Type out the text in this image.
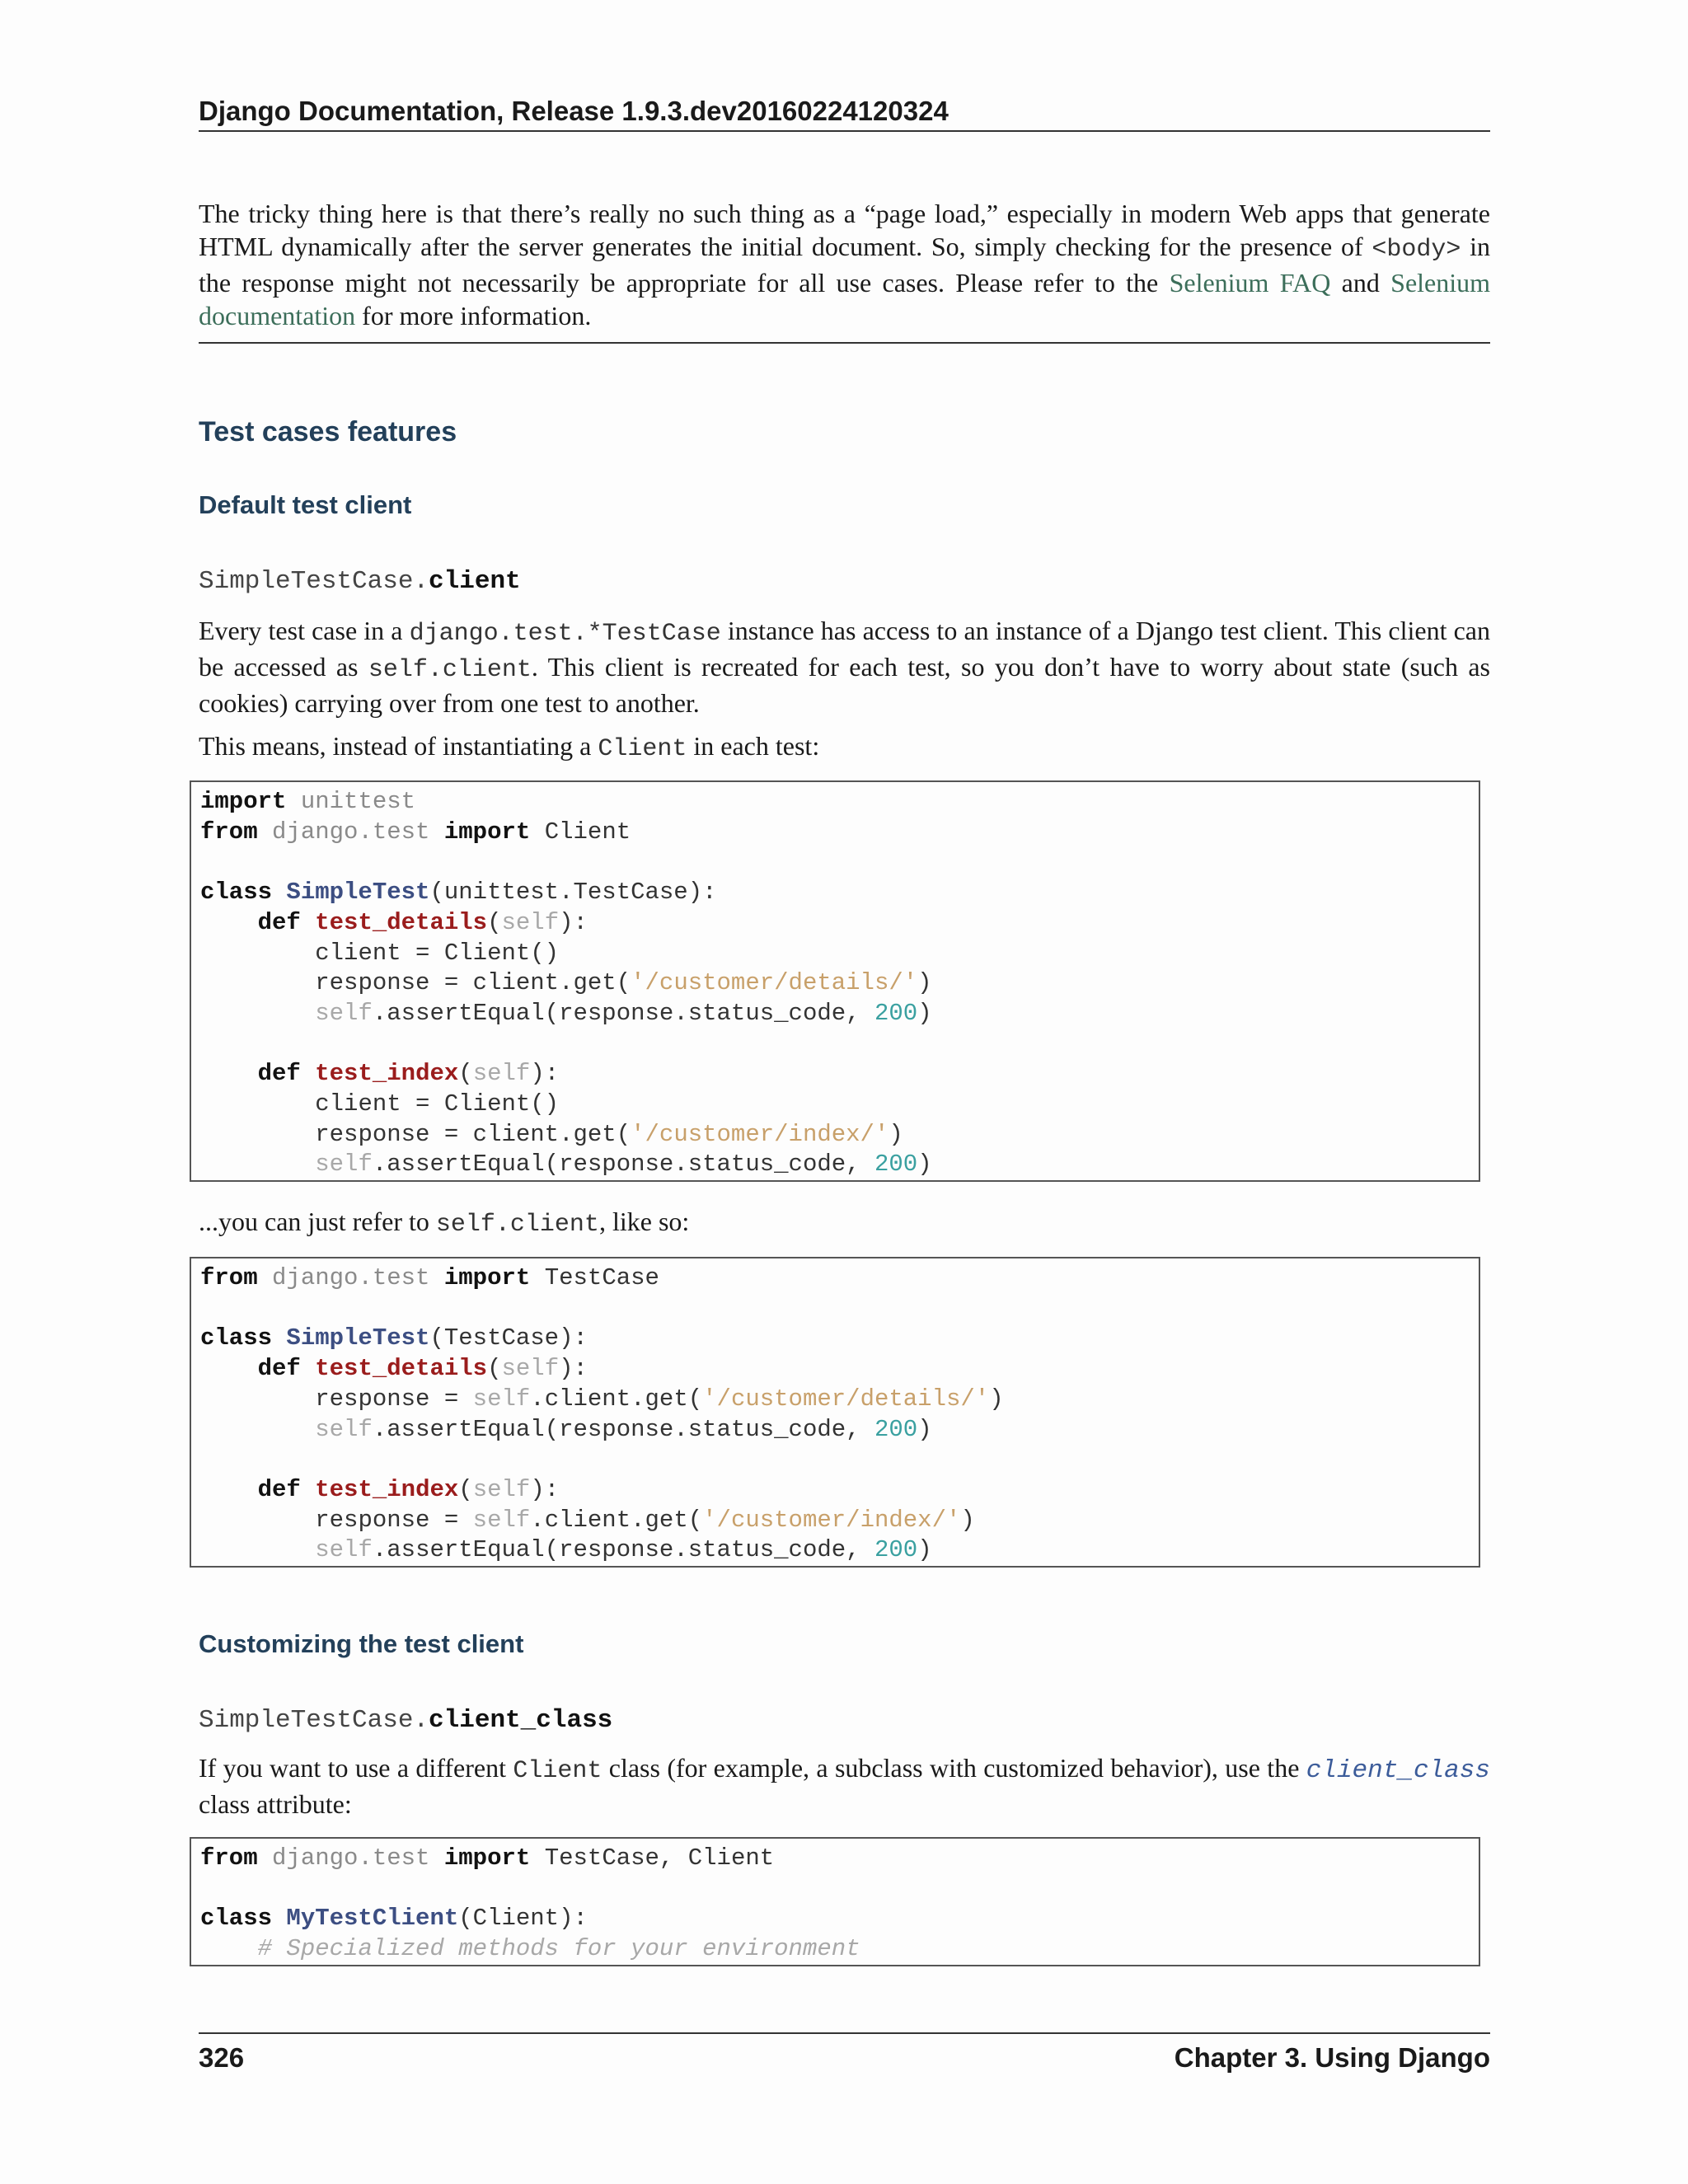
Django Documentation, Release 1.9.3.dev20160224120324
The tricky thing here is that there’s really no such thing as a “page load,” especially in modern Web apps that generate HTML dynamically after the server generates the initial document. So, simply checking for the presence of <body> in the response might not necessarily be appropriate for all use cases. Please refer to the Selenium FAQ and Selenium documentation for more information.
Test cases features
Default test client
SimpleTestCase.client
Every test case in a django.test.*TestCase instance has access to an instance of a Django test client. This client can be accessed as self.client. This client is recreated for each test, so you don’t have to worry about state (such as cookies) carrying over from one test to another.
This means, instead of instantiating a Client in each test:
import unittest
from django.test import Client

class SimpleTest(unittest.TestCase):
def test_details(self):
client = Client()
response = client.get('/customer/details/')
self.assertEqual(response.status_code, 200)

def test_index(self):
client = Client()
response = client.get('/customer/index/')
self.assertEqual(response.status_code, 200)
...you can just refer to self.client, like so:
from django.test import TestCase

class SimpleTest(TestCase):
def test_details(self):
response = self.client.get('/customer/details/')
self.assertEqual(response.status_code, 200)

def test_index(self):
response = self.client.get('/customer/index/')
self.assertEqual(response.status_code, 200)
Customizing the test client
SimpleTestCase.client_class
If you want to use a different Client class (for example, a subclass with customized behavior), use the client_class class attribute:
from django.test import TestCase, Client

class MyTestClient(Client):
# Specialized methods for your environment
326	Chapter 3. Using Django
